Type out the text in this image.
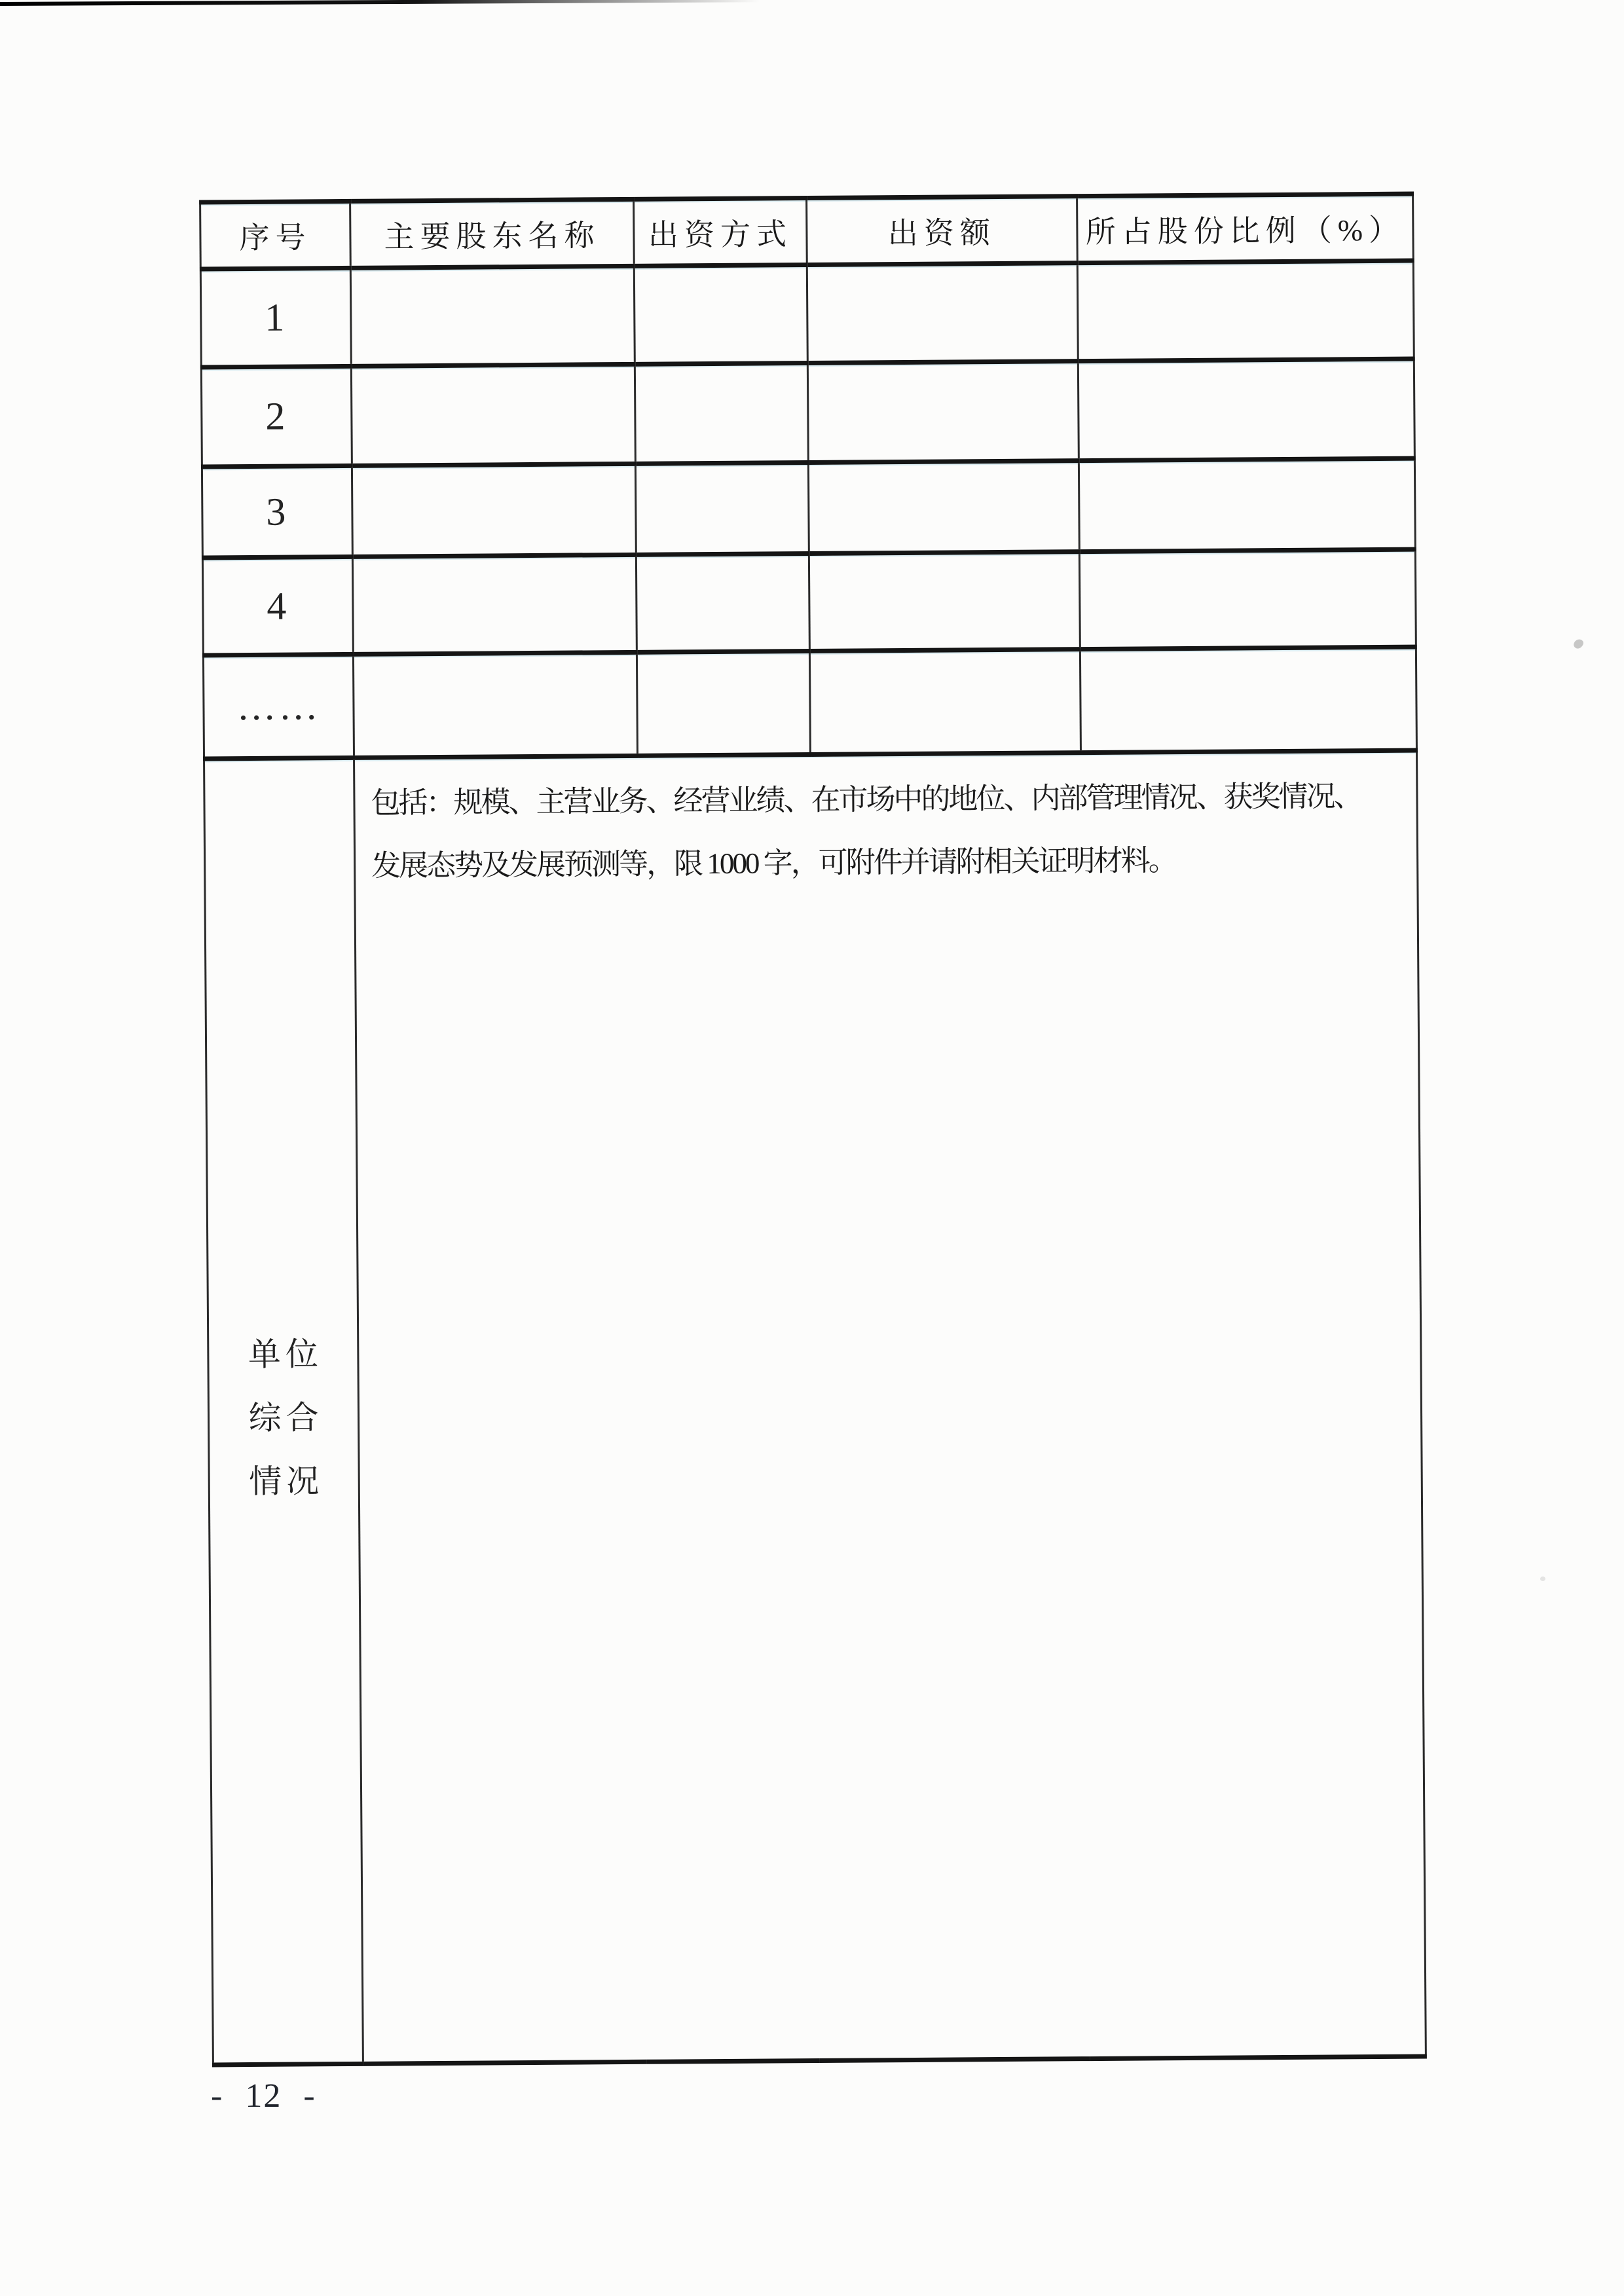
序号	主要股东名称	出资方式	出资额	所占股份比例（%）
1				
2				
3				
4				
……				

单位
综合
情况

包括：规模、主营业务、经营业绩、在市场中的地位、内部管理情况、获奖情况、
发展态势及发展预测等，限 1000 字，可附件并请附相关证明材料。
- 12 -
